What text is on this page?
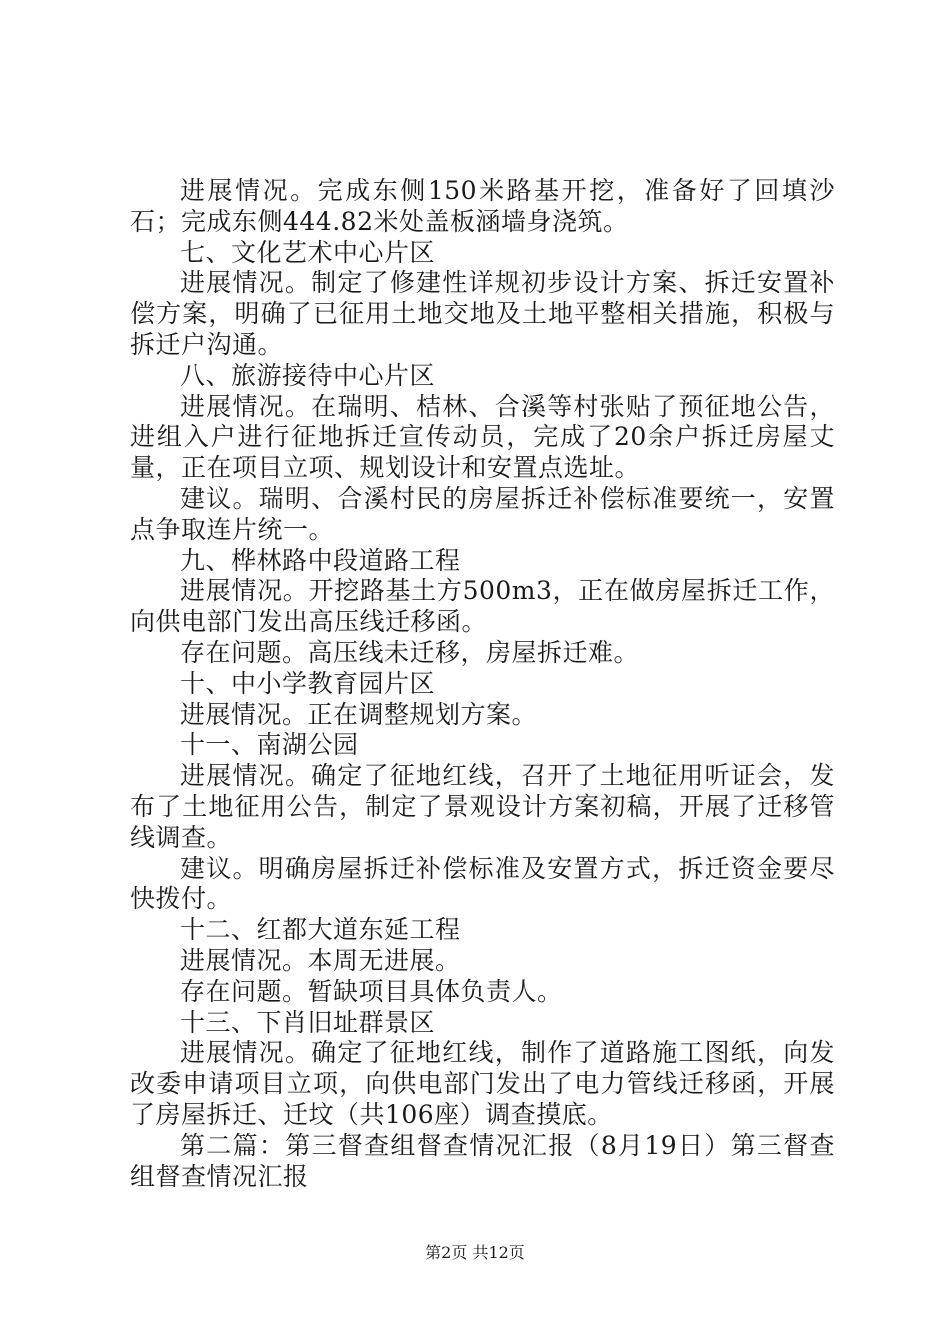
进展情况。完成东侧150米路基开挖，准备好了回填沙石；完成东侧444.82米处盖板涵墙身浇筑。

七、文化艺术中心片区

进展情况。制定了修建性详规初步设计方案、拆迁安置补偿方案，明确了已征用土地交地及土地平整相关措施，积极与拆迁户沟通。

八、旅游接待中心片区

进展情况。在瑞明、桔林、合溪等村张贴了预征地公告，进组入户进行征地拆迁宣传动员，完成了20余户拆迁房屋丈量，正在项目立项、规划设计和安置点选址。

建议。瑞明、合溪村民的房屋拆迁补偿标准要统一，安置点争取连片统一。

九、桦林路中段道路工程

进展情况。开挖路基土方500m3，正在做房屋拆迁工作，向供电部门发出高压线迁移函。

存在问题。高压线未迁移，房屋拆迁难。

十、中小学教育园片区

进展情况。正在调整规划方案。

十一、南湖公园

进展情况。确定了征地红线，召开了土地征用听证会，发布了土地征用公告，制定了景观设计方案初稿，开展了迁移管线调查。

建议。明确房屋拆迁补偿标准及安置方式，拆迁资金要尽快拨付。

十二、红都大道东延工程

进展情况。本周无进展。

存在问题。暂缺项目具体负责人。

十三、下肖旧址群景区

进展情况。确定了征地红线，制作了道路施工图纸，向发改委申请项目立项，向供电部门发出了电力管线迁移函，开展了房屋拆迁、迁坟（共106座）调查摸底。

第二篇：第三督查组督查情况汇报（8月19日）第三督查组督查情况汇报

第2页 共12页
